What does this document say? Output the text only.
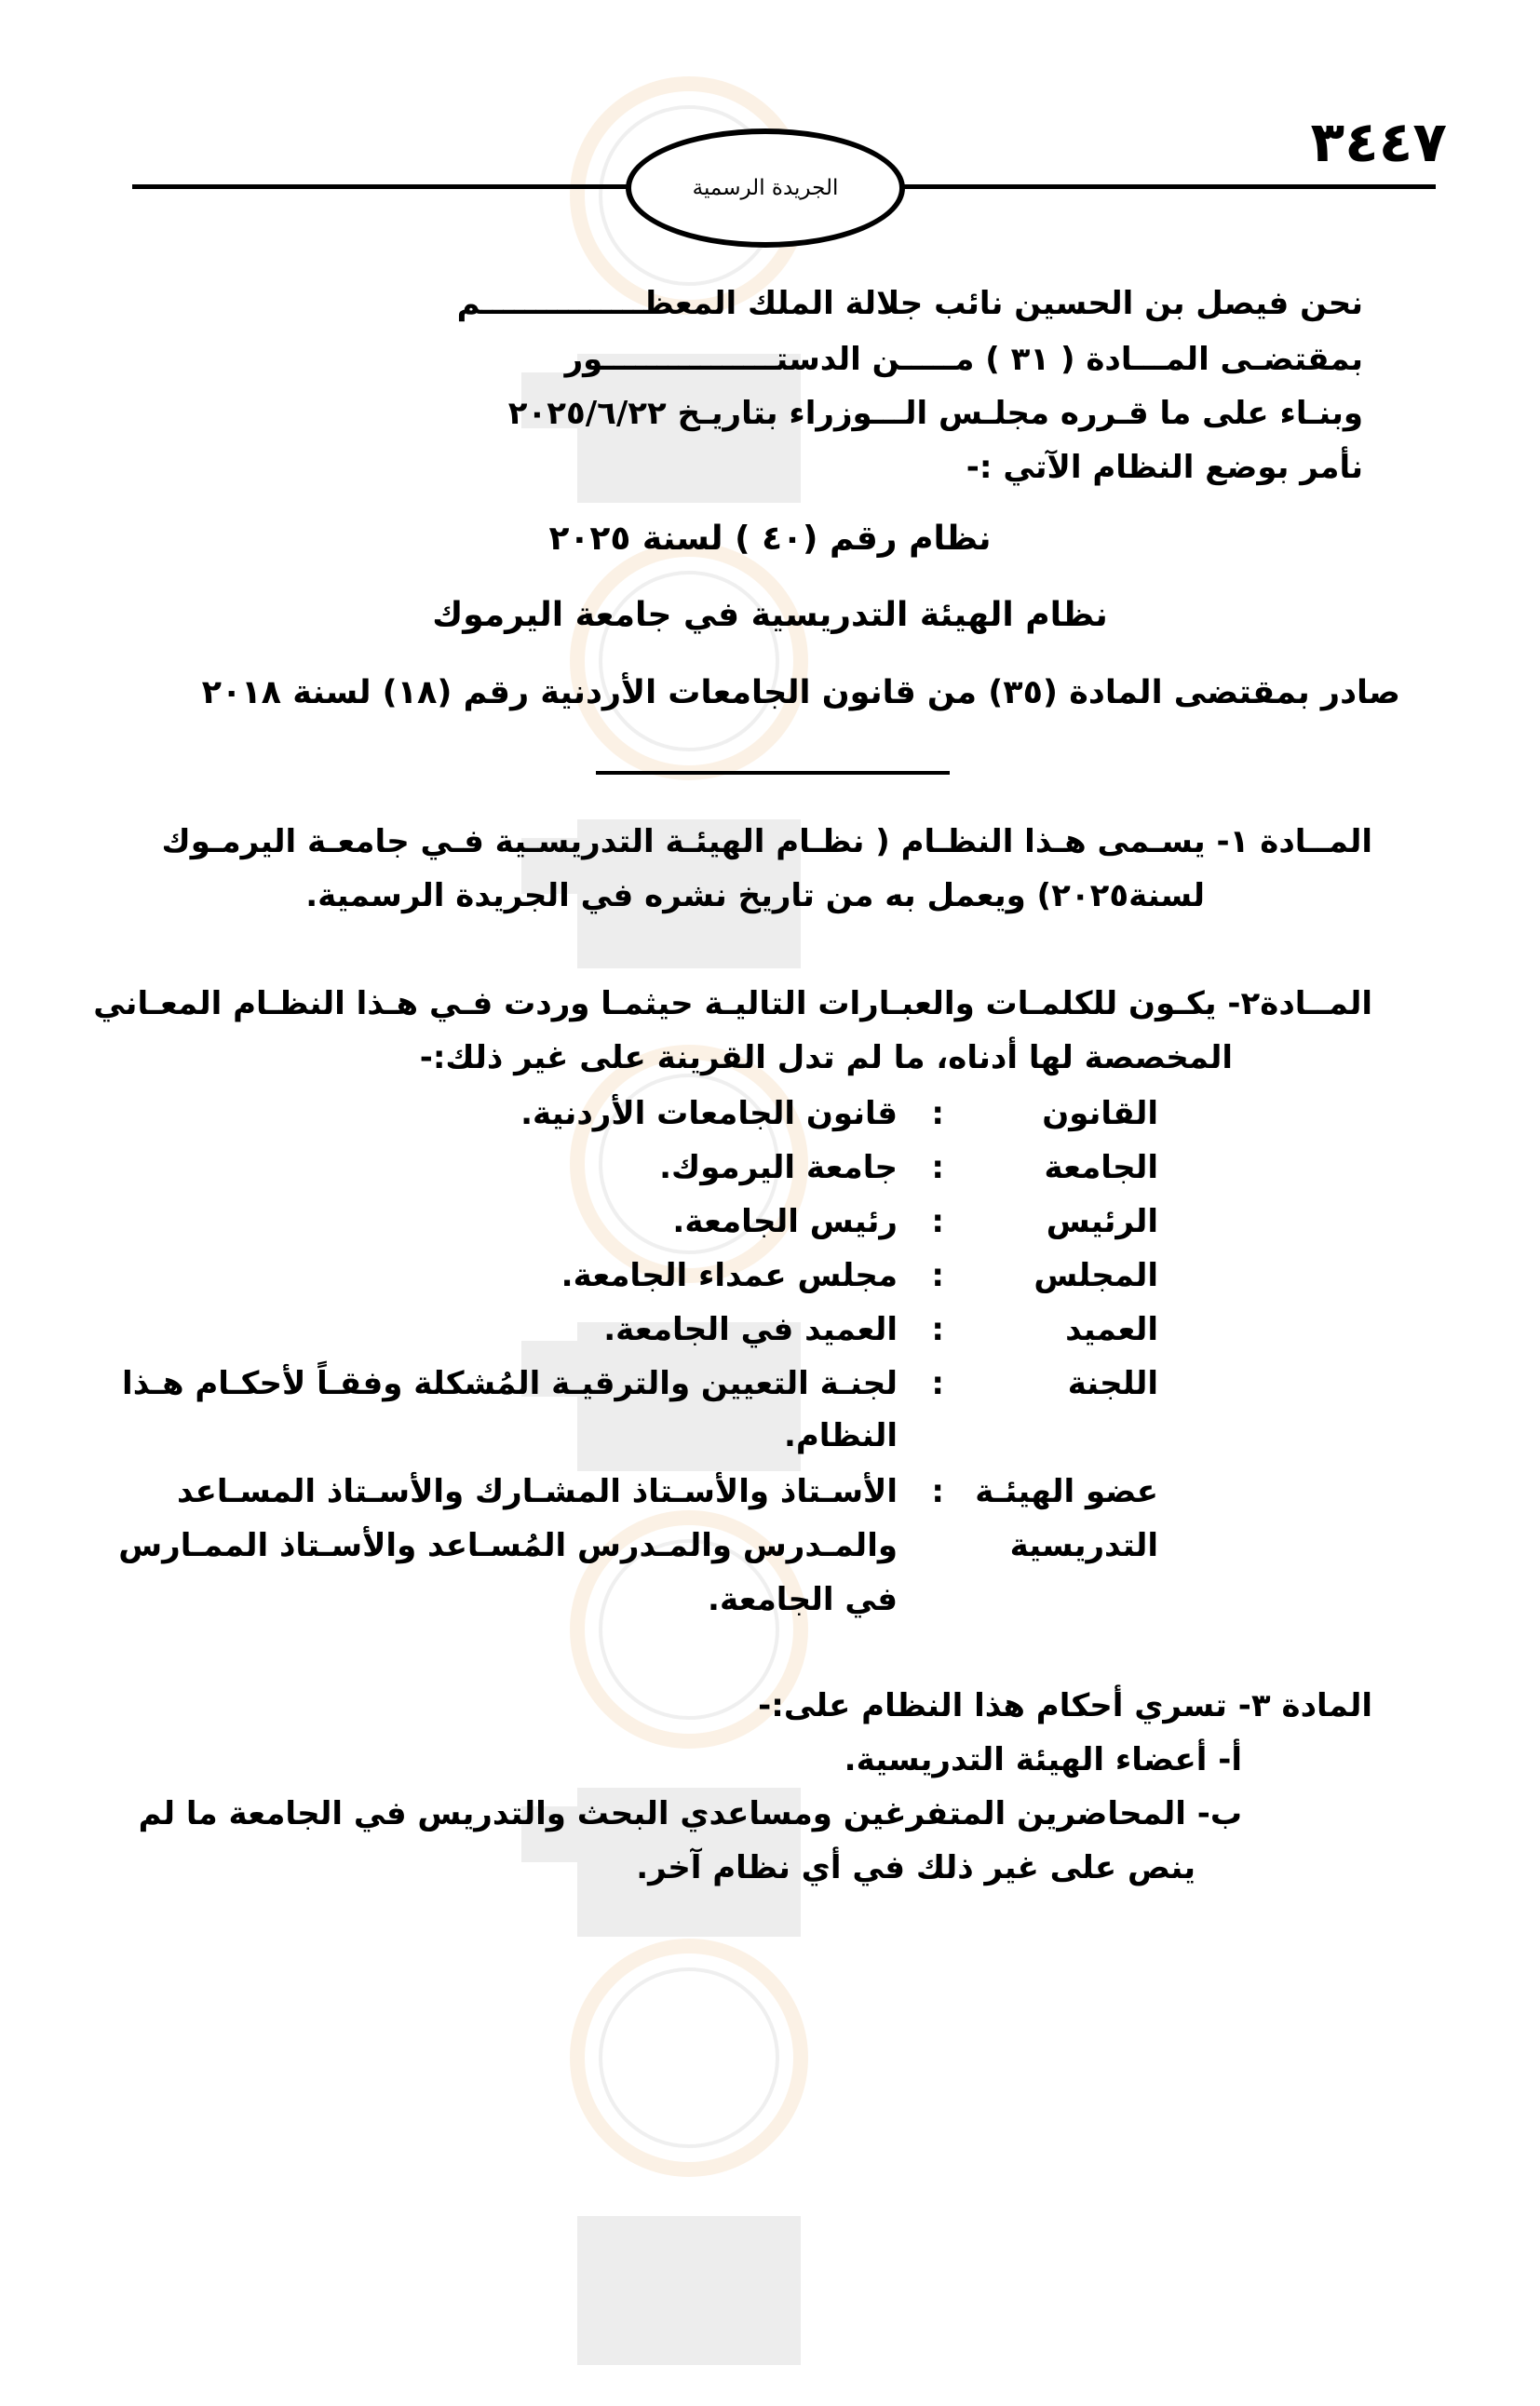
٣٤٤٧
الجريدة الرسمية
نحن فيصل بن الحسين نائب جلالة الملك المعظـــــــــــــــم
بمقتضـى المـــادة ( ٣١ ) مـــــن الدستــــــــــــــــور
وبنـاء على ما قـرره مجلـس الـــوزراء بتاريـخ ٢٠٢٥/٦/٢٢
نأمر بوضع النظام الآتي :-
نظام رقم (٤٠ ) لسنة ٢٠٢٥
نظام الهيئة التدريسية في جامعة اليرموك
صادر بمقتضى المادة (٣٥) من قانون الجامعات الأردنية رقم (١٨) لسنة ٢٠١٨
المــادة ١- يسـمى هـذا النظـام ( نظـام الهيئـة التدريسـية فـي جامعـة اليرمـوك
لسنة٢٠٢٥) ويعمل به من تاريخ نشره في الجريدة الرسمية.
المــادة٢- يكـون للكلمـات والعبـارات التاليـة حيثمـا وردت فـي هـذا النظـام المعـاني
المخصصة لها أدناه، ما لم تدل القرينة على غير ذلك:-
القانون
:
قانون الجامعات الأردنية.
الجامعة
:
جامعة اليرموك.
الرئيس
:
رئيس الجامعة.
المجلس
:
مجلس عمداء الجامعة.
العميد
:
العميد في الجامعة.
اللجنة
:
لجنـة التعيين والترقيـة المُشكلة وفقـاً لأحكـام هـذا
النظام.
عضو الهيئـة
التدريسية
:
الأسـتاذ والأسـتاذ المشـارك والأسـتاذ المسـاعد
والمـدرس والمـدرس المُسـاعد والأسـتاذ الممـارس
في الجامعة.
المادة ٣- تسري أحكام هذا النظام على:-
أ- أعضاء الهيئة التدريسية.
ب- المحاضرين المتفرغين ومساعدي البحث والتدريس في الجامعة ما لم
ينص على غير ذلك في أي نظام آخر.
